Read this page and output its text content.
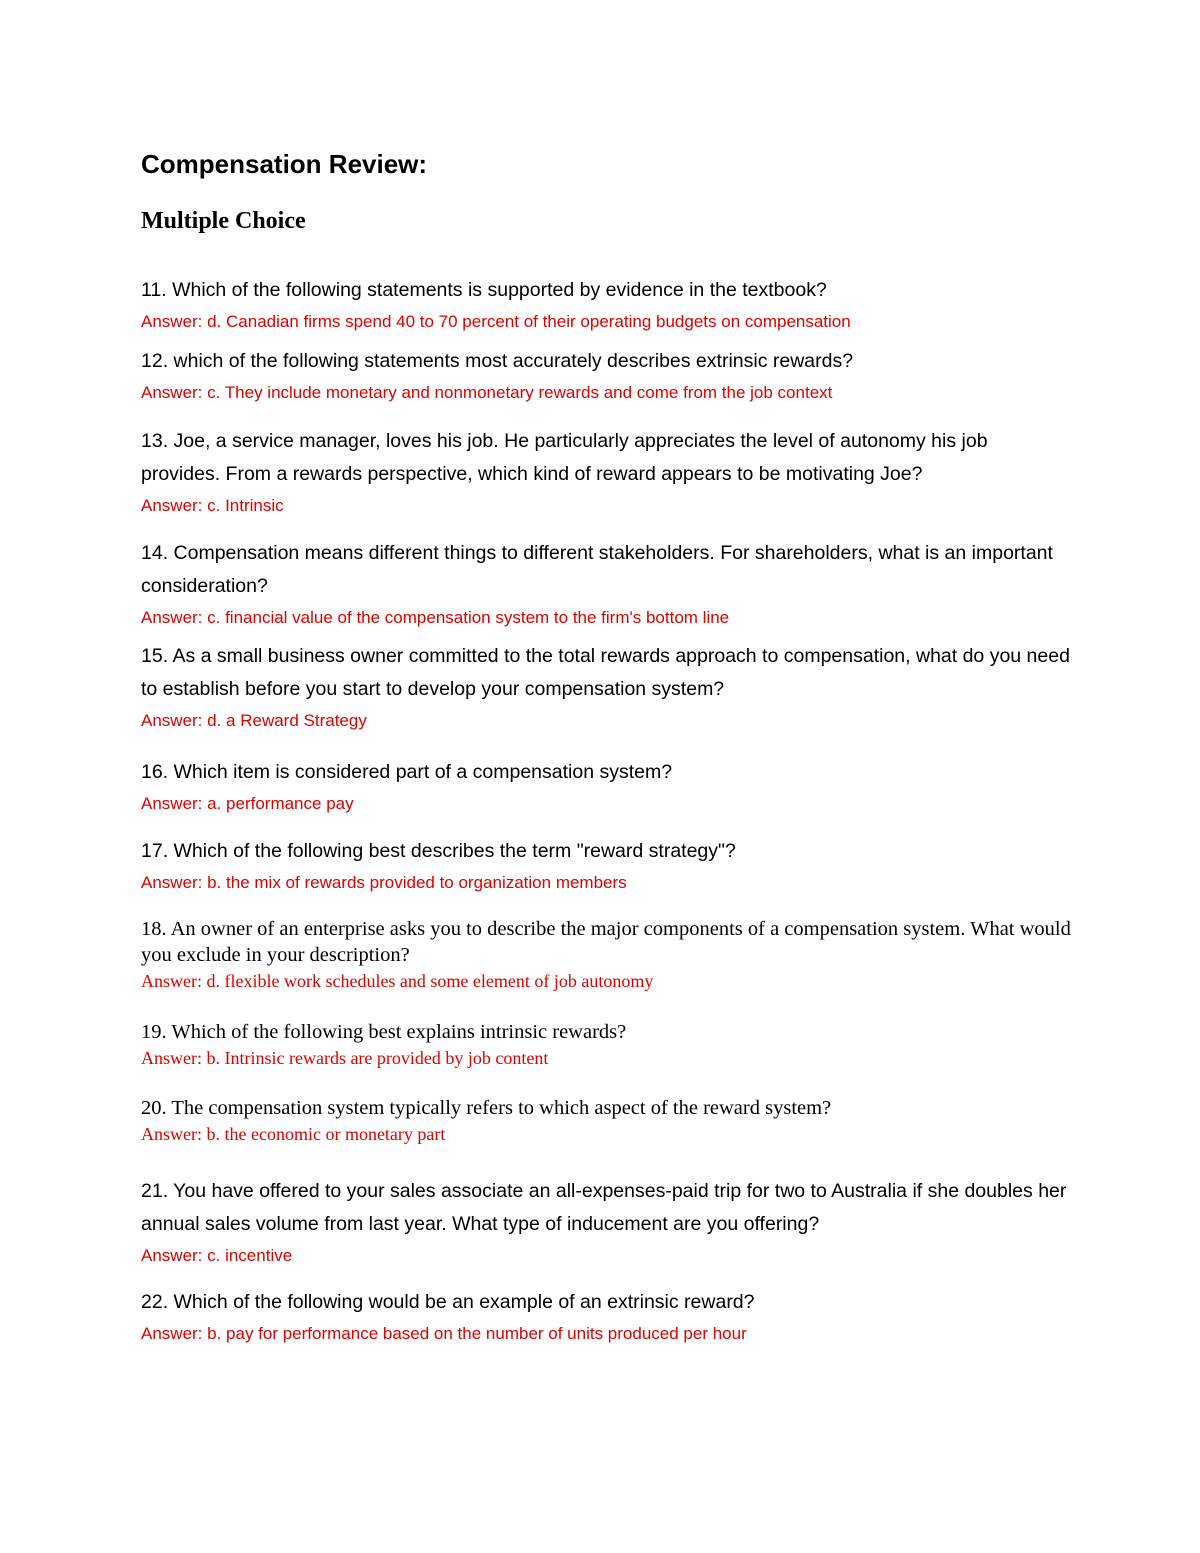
Compensation Review:
Multiple Choice

11. Which of the following statements is supported by evidence in the textbook?

Answer: d. Canadian firms spend 40 to 70 percent of their operating budgets on compensation

12. which of the following statements most accurately describes extrinsic rewards?

Answer: c. They include monetary and nonmonetary rewards and come from the job context

13. Joe, a service manager, loves his job. He particularly appreciates the level of autonomy his job provides. From a rewards perspective, which kind of reward appears to be motivating Joe?

Answer: c. Intrinsic

14. Compensation means different things to different stakeholders. For shareholders, what is an important consideration?

Answer: c. financial value of the compensation system to the firm's bottom line

15. As a small business owner committed to the total rewards approach to compensation, what do you need to establish before you start to develop your compensation system?

Answer: d. a Reward Strategy

16. Which item is considered part of a compensation system?

Answer: a. performance pay

17. Which of the following best describes the term "reward strategy"?

Answer: b. the mix of rewards provided to organization members

18. An owner of an enterprise asks you to describe the major components of a compensation system. What would you exclude in your description?

Answer: d. flexible work schedules and some element of job autonomy

19. Which of the following best explains intrinsic rewards?

Answer: b. Intrinsic rewards are provided by job content

20. The compensation system typically refers to which aspect of the reward system?

Answer: b. the economic or monetary part

21. You have offered to your sales associate an all-expenses-paid trip for two to Australia if she doubles her annual sales volume from last year. What type of inducement are you offering?

Answer: c. incentive

22. Which of the following would be an example of an extrinsic reward?

Answer: b. pay for performance based on the number of units produced per hour
